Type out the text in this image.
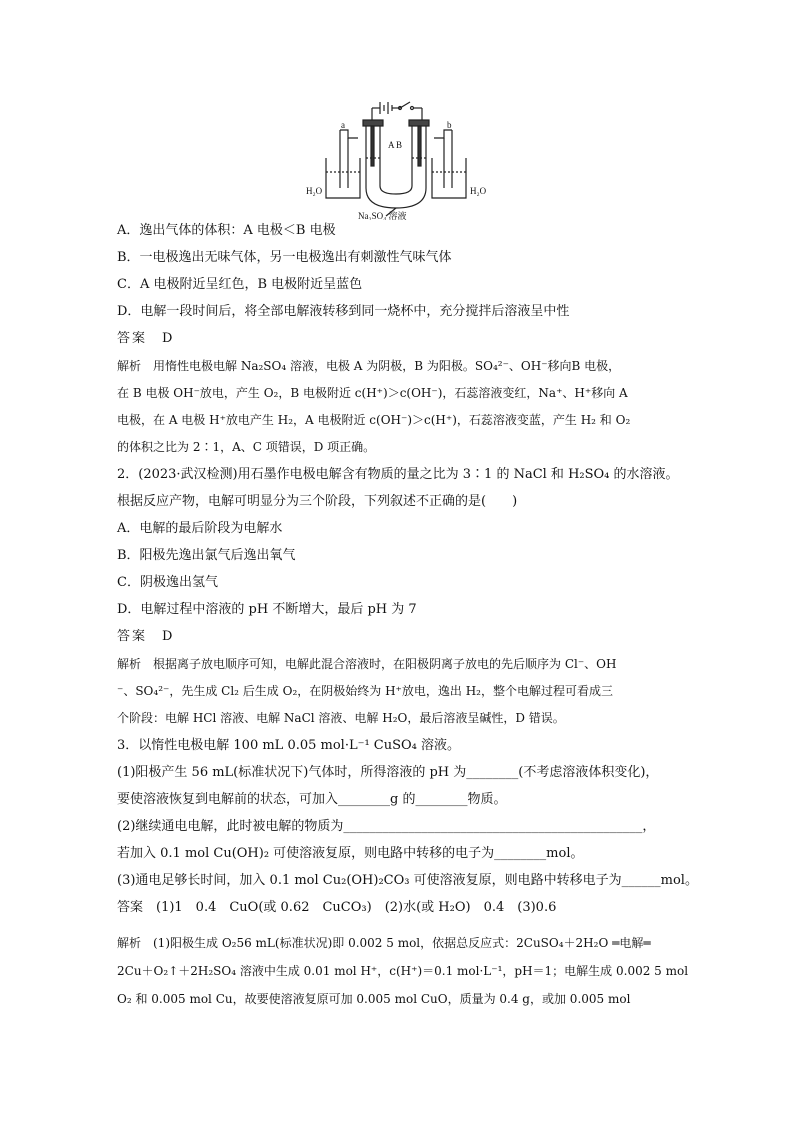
a	b
A B
H₂O	H₂O
Na₂SO₄ 溶液
A．逸出气体的体积：A 电极＜B 电极
B．一电极逸出无味气体，另一电极逸出有刺激性气味气体
C．A 电极附近呈红色，B 电极附近呈蓝色
D．电解一段时间后，将全部电解液转移到同一烧杯中，充分搅拌后溶液呈中性
答案　D
解析　用惰性电极电解 Na₂SO₄ 溶液，电极 A 为阴极，B 为阳极。SO₄²⁻、OH⁻移向B 电极，
在 B 电极 OH⁻放电，产生 O₂，B 电极附近 c(H⁺)＞c(OH⁻)，石蕊溶液变红，Na⁺、H⁺移向 A
电极，在 A 电极 H⁺放电产生 H₂，A 电极附近 c(OH⁻)＞c(H⁺)，石蕊溶液变蓝，产生 H₂ 和 O₂
的体积之比为 2∶1，A、C 项错误，D 项正确。
2．(2023·武汉检测)用石墨作电极电解含有物质的量之比为 3∶1 的 NaCl 和 H₂SO₄ 的水溶液。
根据反应产物，电解可明显分为三个阶段，下列叙述不正确的是(　　)
A．电解的最后阶段为电解水
B．阳极先逸出氯气后逸出氧气
C．阴极逸出氢气
D．电解过程中溶液的 pH 不断增大，最后 pH 为 7
答案　D
解析　根据离子放电顺序可知，电解此混合溶液时，在阳极阴离子放电的先后顺序为 Cl⁻、OH
⁻、SO₄²⁻，先生成 Cl₂ 后生成 O₂，在阴极始终为 H⁺放电，逸出 H₂，整个电解过程可看成三
个阶段：电解 HCl 溶液、电解 NaCl 溶液、电解 H₂O，最后溶液呈碱性，D 错误。
3．以惰性电极电解 100 mL 0.05 mol·L⁻¹ CuSO₄ 溶液。
(1)阳极产生 56 mL(标准状况下)气体时，所得溶液的 pH 为________(不考虑溶液体积变化)，
要使溶液恢复到电解前的状态，可加入________g 的________物质。
(2)继续通电电解，此时被电解的物质为______________________________________________，
若加入 0.1 mol Cu(OH)₂ 可使溶液复原，则电路中转移的电子为________mol。
(3)通电足够长时间，加入 0.1 mol Cu₂(OH)₂CO₃ 可使溶液复原，则电路中转移电子为______mol。
答案　(1)1　0.4　CuO(或 0.62　CuCO₃)　(2)水(或 H₂O)　0.4　(3)0.6
解析　(1)阳极生成 O₂56 mL(标准状况)即 0.002 5 mol，依据总反应式：2CuSO₄＋2H₂O ═电解═
2Cu＋O₂↑＋2H₂SO₄ 溶液中生成 0.01 mol H⁺，c(H⁺)＝0.1 mol·L⁻¹，pH＝1；电解生成 0.002 5 mol
O₂ 和 0.005 mol Cu，故要使溶液复原可加 0.005 mol CuO，质量为 0.4 g，或加 0.005 mol
